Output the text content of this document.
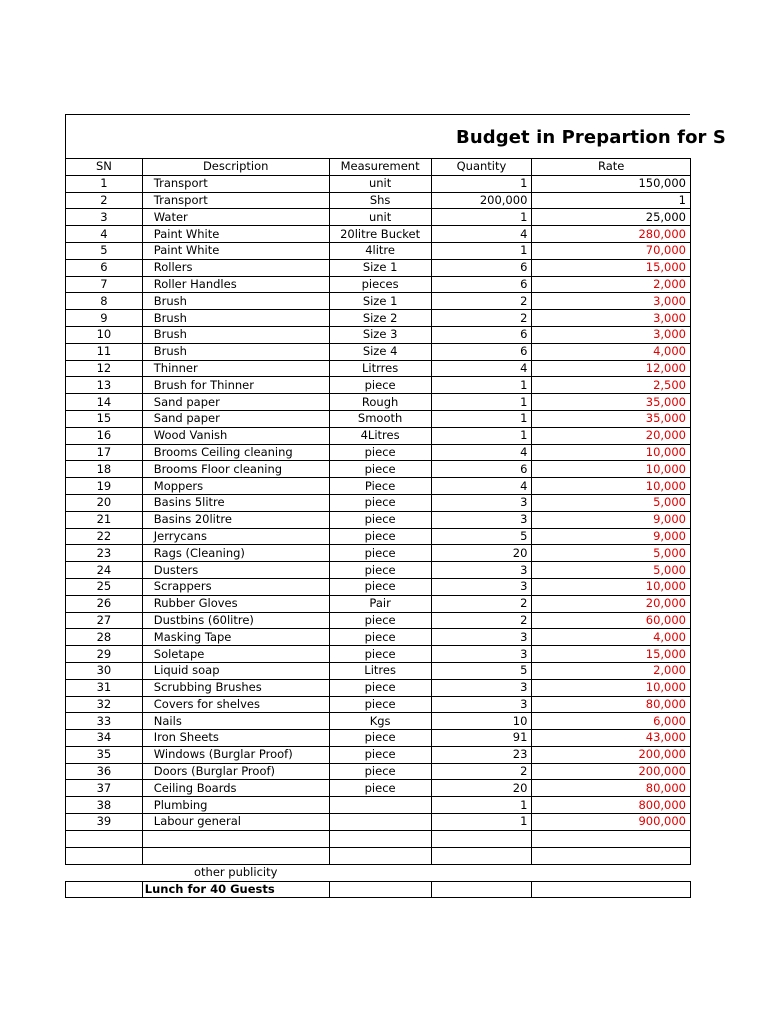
Budget in Prepartion for S
SN	Description	Measurement	Quantity	Rate
1	Transport	unit	1	150,000
2	Transport	Shs	200,000	1
3	Water	unit	1	25,000
4	Paint White	20litre Bucket	4	280,000
5	Paint White	4litre	1	70,000
6	Rollers	Size 1	6	15,000
7	Roller Handles	pieces	6	2,000
8	Brush	Size 1	2	3,000
9	Brush	Size 2	2	3,000
10	Brush	Size 3	6	3,000
11	Brush	Size 4	6	4,000
12	Thinner	Litrres	4	12,000
13	Brush for Thinner	piece	1	2,500
14	Sand paper	Rough	1	35,000
15	Sand paper	Smooth	1	35,000
16	Wood Vanish	4Litres	1	20,000
17	Brooms Ceiling cleaning	piece	4	10,000
18	Brooms Floor cleaning	piece	6	10,000
19	Moppers	Piece	4	10,000
20	Basins 5litre	piece	3	5,000
21	Basins 20litre	piece	3	9,000
22	Jerrycans	piece	5	9,000
23	Rags (Cleaning)	piece	20	5,000
24	Dusters	piece	3	5,000
25	Scrappers	piece	3	10,000
26	Rubber Gloves	Pair	2	20,000
27	Dustbins (60litre)	piece	2	60,000
28	Masking Tape	piece	3	4,000
29	Soletape	piece	3	15,000
30	Liquid soap	Litres	5	2,000
31	Scrubbing Brushes	piece	3	10,000
32	Covers for shelves	piece	3	80,000
33	Nails	Kgs	10	6,000
34	Iron Sheets	piece	91	43,000
35	Windows (Burglar Proof)	piece	23	200,000
36	Doors (Burglar Proof)	piece	2	200,000
37	Ceiling Boards	piece	20	80,000
38	Plumbing		1	800,000
39	Labour general		1	900,000

	other publicity			
	Lunch for 40 Guests			
